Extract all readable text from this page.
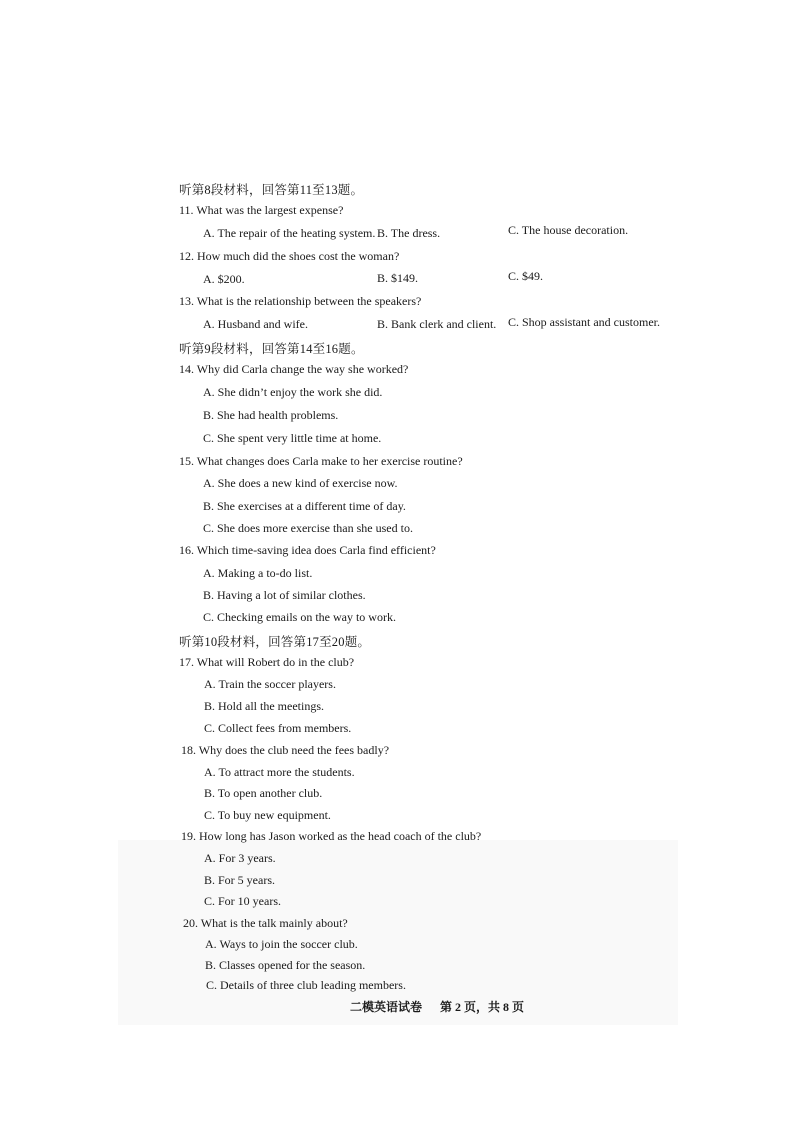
听第8段材料，回答第11至13题。
11. What was the largest expense?
A. The repair of the heating system. B. The dress.	C. The house decoration.
12. How much did the shoes cost the woman?
A. $200.	B. $149.	C. $49.
13. What is the relationship between the speakers?
A. Husband and wife.	B. Bank clerk and client. C. Shop assistant and customer.
听第9段材料，回答第14至16题。
14. Why did Carla change the way she worked?
A. She didn’t enjoy the work she did.
B. She had health problems.
C. She spent very little time at home.
15. What changes does Carla make to her exercise routine?
A. She does a new kind of exercise now.
B. She exercises at a different time of day.
C. She does more exercise than she used to.
16. Which time-saving idea does Carla find efficient?
A. Making a to-do list.
B. Having a lot of similar clothes.
C. Checking emails on the way to work.
听第10段材料，回答第17至20题。
17. What will Robert do in the club?
A. Train the soccer players.
B. Hold all the meetings.
C. Collect fees from members.
18. Why does the club need the fees badly?
A. To attract more the students.
B. To open another club.
C. To buy new equipment.
19. How long has Jason worked as the head coach of the club?
A. For 3 years.
B. For 5 years.
C. For 10 years.
20. What is the talk mainly about?
A. Ways to join the soccer club.
B. Classes opened for the season.
C. Details of three club leading members.
二模英语试卷 第 2 页，共 8 页
